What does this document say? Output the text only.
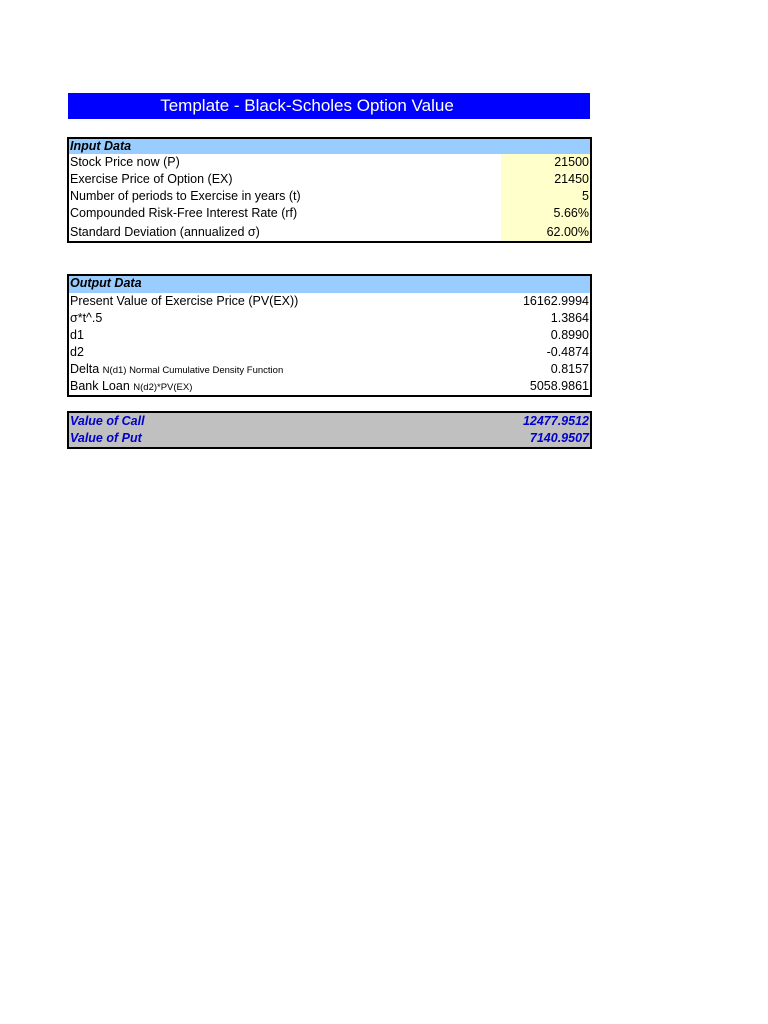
Template - Black-Scholes Option Value
Input Data
Stock Price now (P)	21500
Exercise Price of Option (EX)	21450
Number of periods to Exercise in years (t)	5
Compounded Risk-Free Interest Rate (rf)	5.66%
Standard Deviation (annualized σ)	62.00%
Output Data
Present Value of Exercise Price (PV(EX))	16162.9994
σ*t^.5	1.3864
d1	0.8990
d2	-0.4874
Delta N(d1) Normal Cumulative Density Function	0.8157
Bank Loan N(d2)*PV(EX)	5058.9861
Value of Call	12477.9512
Value of Put	7140.9507
